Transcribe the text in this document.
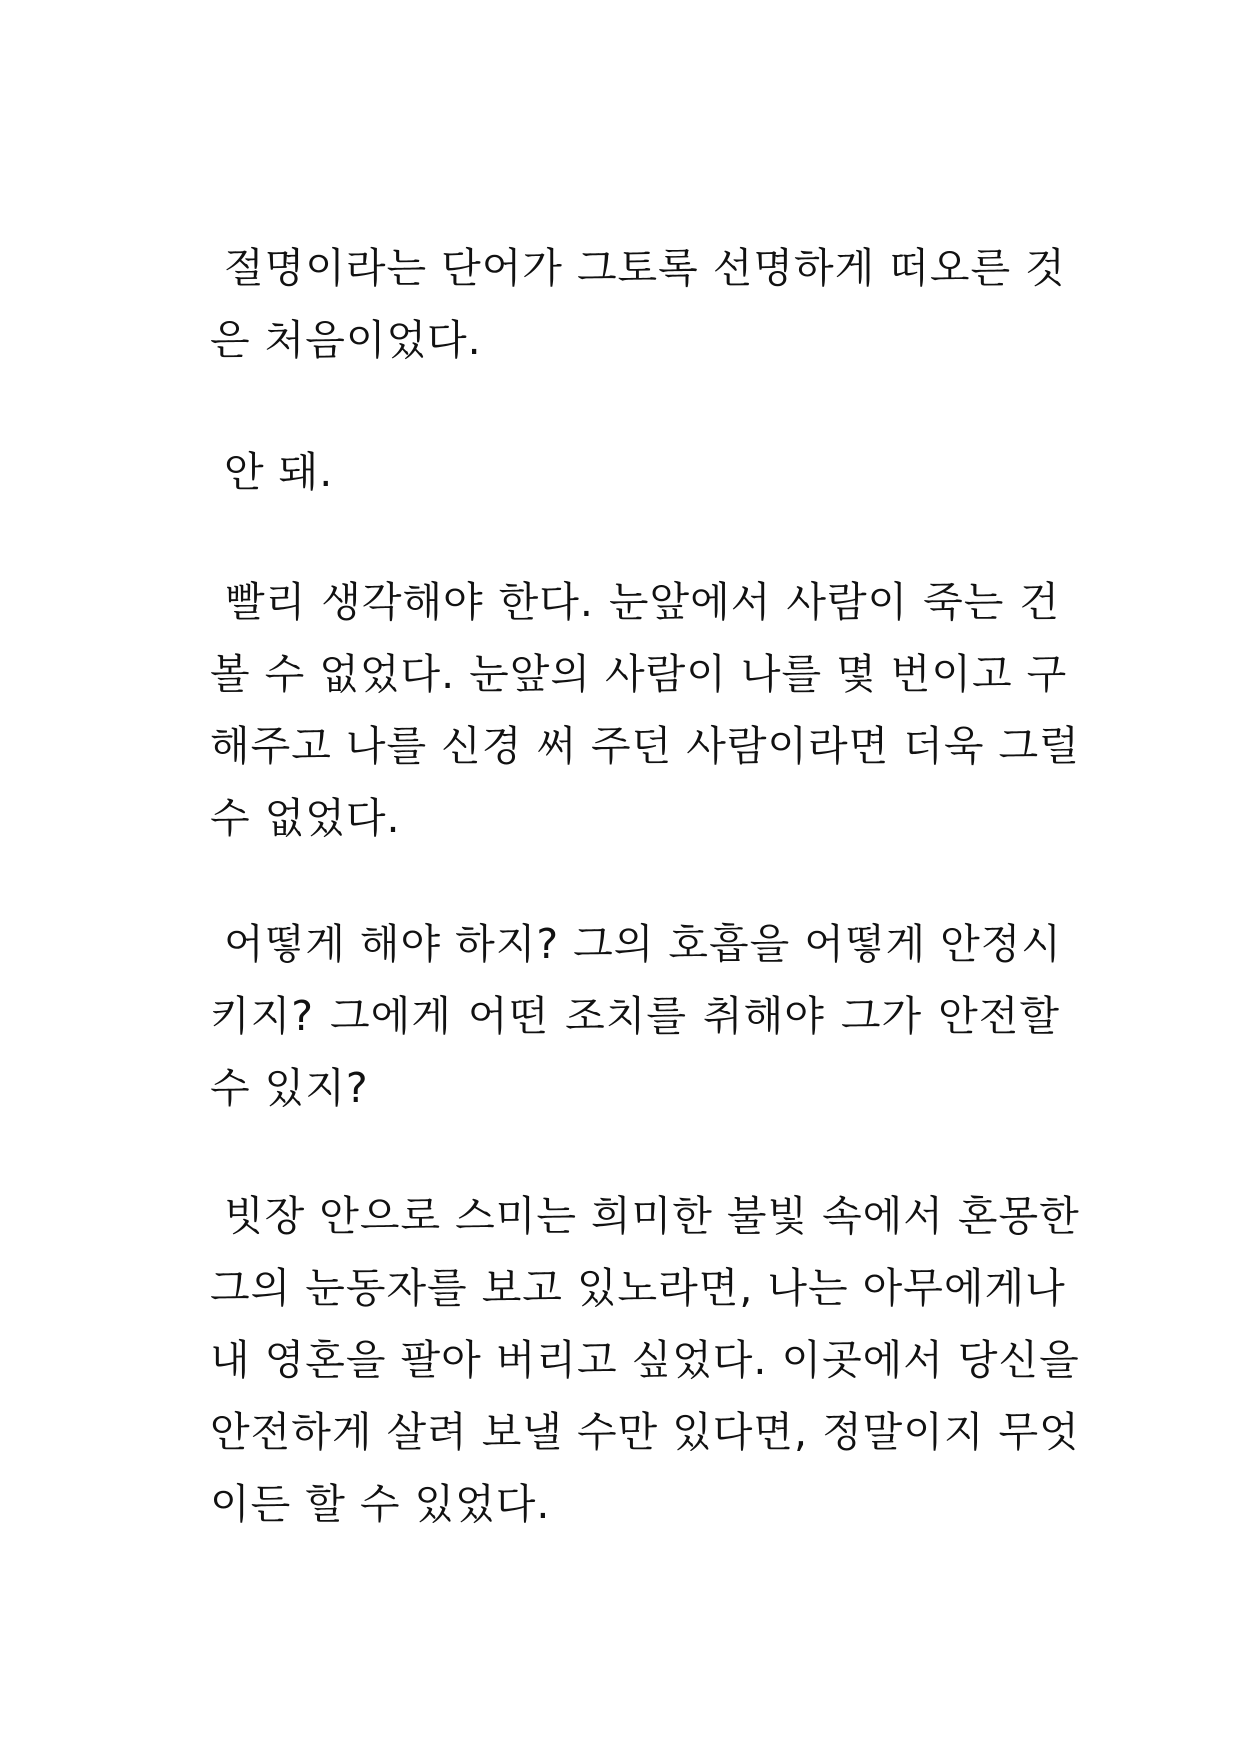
절명이라는 단어가 그토록 선명하게 떠오른 것
은 처음이었다.
안 돼.
빨리 생각해야 한다. 눈앞에서 사람이 죽는 건
볼 수 없었다. 눈앞의 사람이 나를 몇 번이고 구
해주고 나를 신경 써 주던 사람이라면 더욱 그럴
수 없었다.
어떻게 해야 하지? 그의 호흡을 어떻게 안정시
키지? 그에게 어떤 조치를 취해야 그가 안전할
수 있지?
빗장 안으로 스미는 희미한 불빛 속에서 혼몽한
그의 눈동자를 보고 있노라면, 나는 아무에게나
내 영혼을 팔아 버리고 싶었다. 이곳에서 당신을
안전하게 살려 보낼 수만 있다면, 정말이지 무엇
이든 할 수 있었다.
